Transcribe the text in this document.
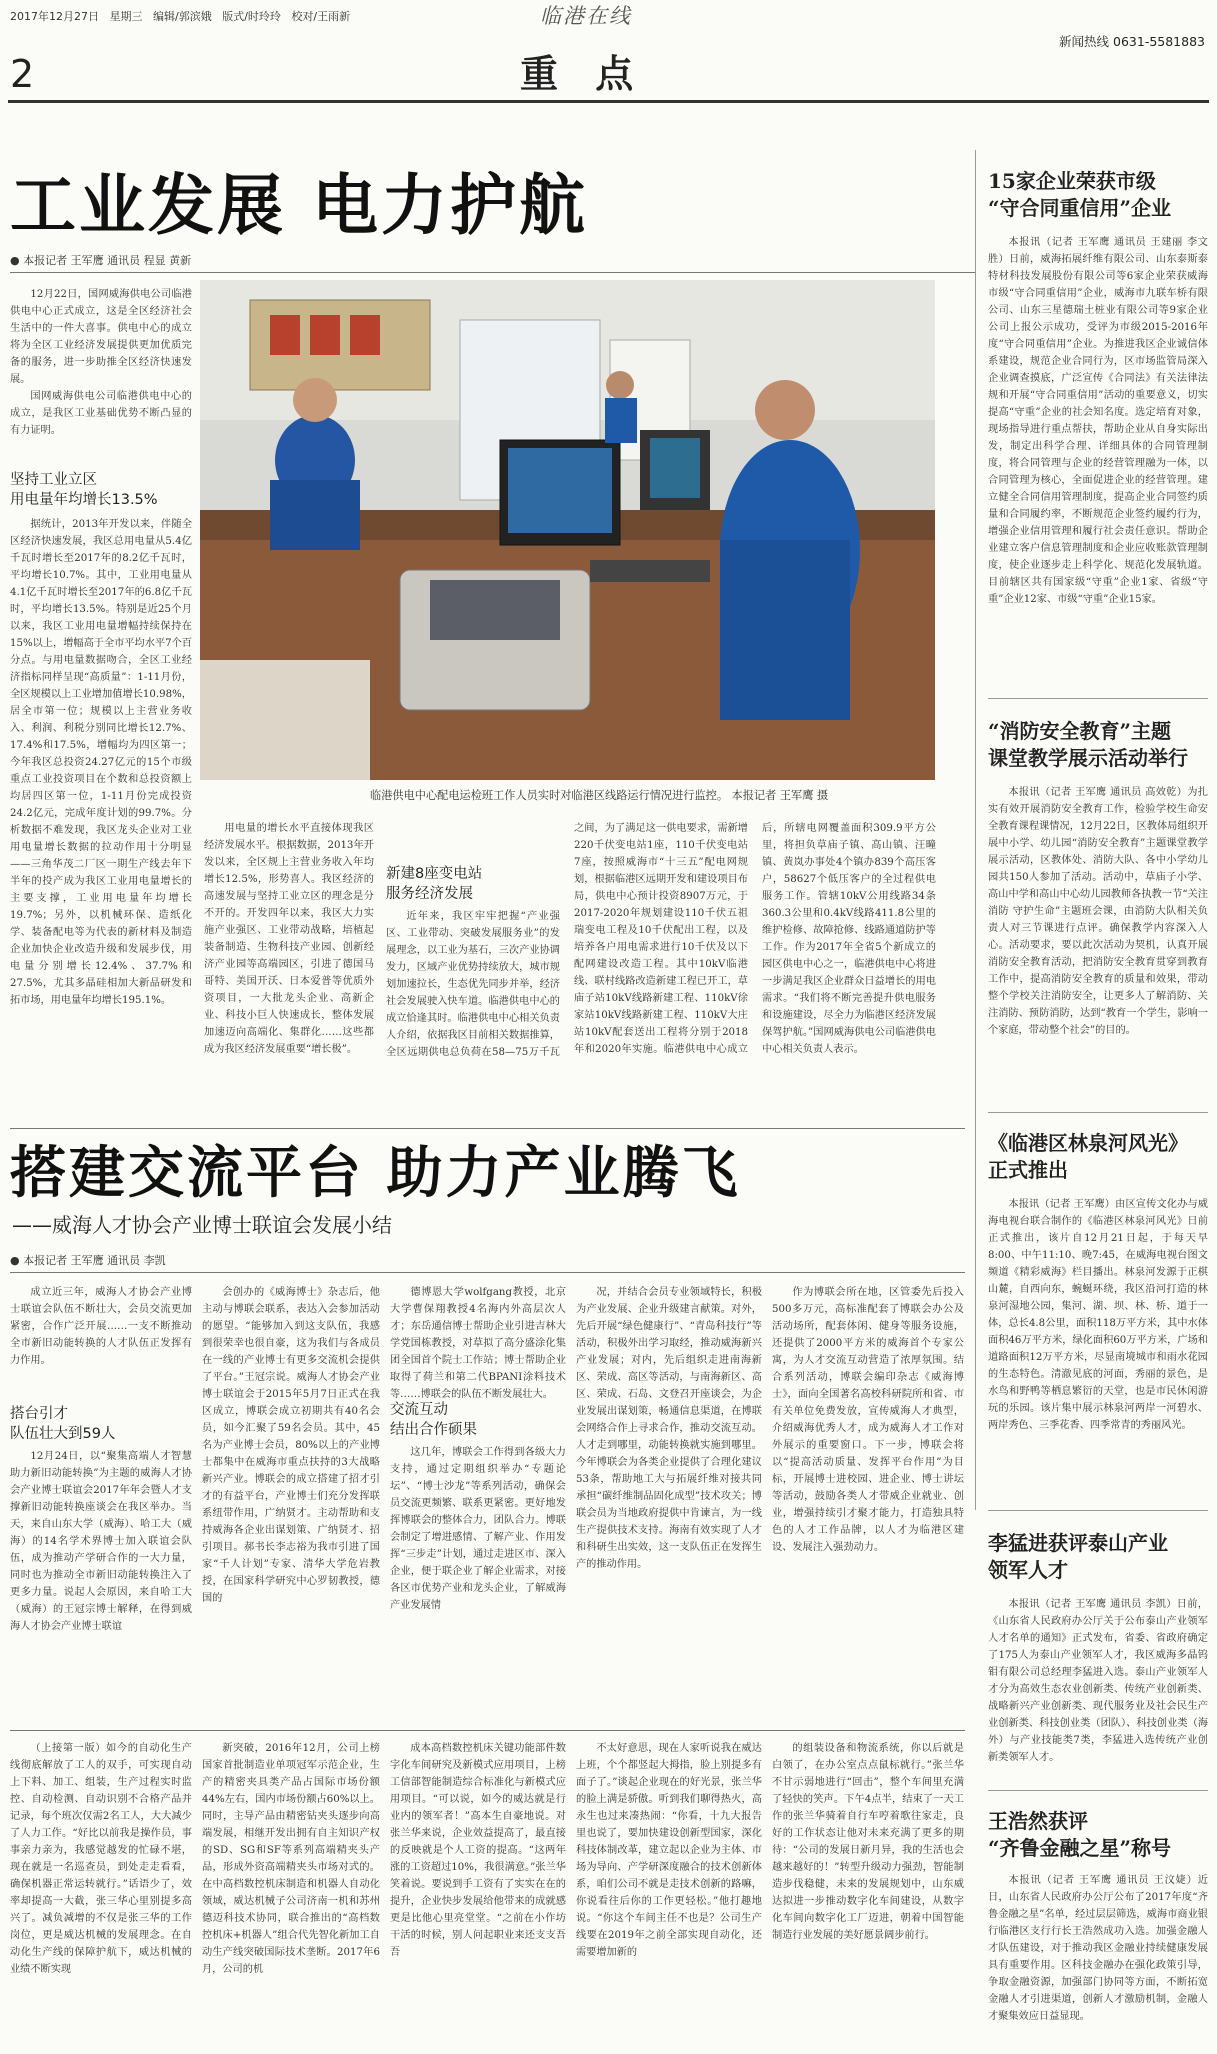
2017年12月27日 星期三 编辑/郭滨娥 版式/时玲玲 校对/王雨新	临港在线
新闻热线 0631-5581883
2	重 点
工业发展 电力护航
● 本报记者 王军鹰 通讯员 程显 黄新

12月22日，国网威海供电公司临港供电中心正式成立，这是全区经济社会生活中的一件大喜事。供电中心的成立将为全区工业经济发展提供更加优质完备的服务，进一步助推全区经济快速发展。

国网威海供电公司临港供电中心的成立，是我区工业基础优势不断凸显的有力证明。

坚持工业立区
用电量年均增长13.5%

据统计，2013年开发以来，伴随全区经济快速发展，我区总用电量从5.4亿千瓦时增长至2017年的8.2亿千瓦时，平均增长10.7%。其中，工业用电量从4.1亿千瓦时增长至2017年的6.8亿千瓦时，平均增长13.5%。特别是近25个月以来，我区工业用电量增幅持续保持在15%以上，增幅高于全市平均水平7个百分点。与用电量数据吻合，全区工业经济指标同样呈现“高质量”：1-11月份，全区规模以上工业增加值增长10.98%，居全市第一位；规模以上主营业务收入、利润、利税分别同比增长12.7%、17.4%和17.5%，增幅均为四区第一；今年我区总投资24.27亿元的15个市级重点工业投资项目在个数和总投资额上均居四区第一位，1-11月份完成投资24.2亿元，完成年度计划的99.7%。分析数据不难发现，我区龙头企业对工业用电量增长数据的拉动作用十分明显——三角华茂二厂区一期生产线去年下半年的投产成为我区工业用电量增长的主要支撑，工业用电量年均增长19.7%；另外，以机械环保、造纸化学、装备配电等为代表的新材料及制造企业加快企业改造升级和发展步伐，用电量分别增长12.4%、37.7%和27.5%，尤其多晶硅相加大新品研发和拓市场，用电量年均增长195.1%。

临港供电中心配电运检班工作人员实时对临港区线路运行情况进行监控。 本报记者 王军鹰 摄

用电量的增长水平直接体现我区经济发展水平。根据数据，2013年开发以来，全区规上主营业务收入年均增长12.5%，形势喜人。我区经济的高速发展与坚持工业立区的理念是分不开的。开发四年以来，我区大力实施产业强区、工业带动战略，培植起装备制造、生物科技产业园、创新经济产业园等高端园区，引进了德国马哥特、美国开沃、日本爱普等优质外资项目，一大批龙头企业、高新企业、科技小巨人快速成长，整体发展加速迈向高端化、集群化……这些都成为我区经济发展重要“增长极”。

新建8座变电站
服务经济发展

近年来，我区牢牢把握“产业强区、工业带动、突破发展服务业”的发展理念，以工业为基石，三次产业协调发力，区域产业优势持续放大，城市规划加速拉长，生态优先同步并举，经济社会发展驶入快车道。临港供电中心的成立恰逢其时。临港供电中心相关负责人介绍，依据我区目前相关数据推算，全区远期供电总负荷在58—75万千瓦之间，为了满足这一供电要求，需新增220千伏变电站1座，110千伏变电站7座，按照威海市“十三五”配电网规划，根据临港区远期开发和建设项目布局，供电中心预计投资8907万元，于2017-2020年规划建设110千伏五祖瑞变电工程及10千伏配出工程，以及培养各户用电需求进行10千伏及以下配网建设改造工程。其中10kV临港线、联村线路改造新建工程已开工，草庙子站10kV线路新建工程、110kV徐家站10kV线路新建工程、110kV大庄站10kV配套送出工程将分别于2018年和2020年实施。临港供电中心成立后，所辖电网覆盖面积309.9平方公里，将担负草庙子镇、高山镇、汪疃镇、黄岚办事处4个镇办839个高压客户，58627个低压客户的全过程供电服务工作。管辖10kV公用线路34条360.3公里和0.4kV线路411.8公里的维护检修、故障抢修、线路通道防护等工作。作为2017年全省5个新成立的园区供电中心之一，临港供电中心将进一步满足我区企业群众日益增长的用电需求。“我们将不断完善提升供电服务和设施建设，尽全力为临港区经济发展保驾护航。”国网威海供电公司临港供电中心相关负责人表示。

15家企业荣获市级
“守合同重信用”企业

本报讯（记者 王军鹰 通讯员 王建丽 李文胜）日前，威海拓展纤维有限公司、山东泰斯泰特材科技发展股份有限公司等6家企业荣获威海市级“守合同重信用”企业，威海市九联车桥有限公司、山东三星德瑞土桩业有限公司等9家企业公司上报公示成功，受评为市级2015-2016年度“守合同重信用”企业。为推进我区企业诚信体系建设，规范企业合同行为，区市场监管局深入企业调查摸底，广泛宣传《合同法》有关法律法规和开展“守合同重信用”活动的重要意义，切实提高“守重”企业的社会知名度。选定培育对象，现场指导进行重点帮扶，帮助企业从自身实际出发，制定出科学合理、详细具体的合同管理制度，将合同管理与企业的经营管理融为一体，以合同管理为核心，全面促进企业的经营管理。建立健全合同信用管理制度，提高企业合同签约质量和合同履约率，不断规范企业签约履约行为，增强企业信用管理和履行社会责任意识。帮助企业建立客户信息管理制度和企业应收账款管理制度，使企业逐步走上科学化、规范化发展轨道。目前辖区共有国家级“守重”企业1家、省级“守重”企业12家、市级“守重”企业15家。

“消防安全教育”主题
课堂教学展示活动举行

本报讯（记者 王军鹰 通讯员 高效乾）为扎实有效开展消防安全教育工作，检验学校生命安全教育课程课情况，12月22日，区教体局组织开展中小学、幼儿园“消防安全教育”主题课堂教学展示活动，区教体处、消防大队、各中小学幼儿园共150人参加了活动。活动中，草庙子小学、高山中学和高山中心幼儿园教师各执教一节“关注消防 守护生命”主题班会课，由消防大队相关负责人对三节课进行点评。确保教学内容深入人心。活动要求，要以此次活动为契机，认真开展消防安全教育活动，把消防安全教育贯穿到教育工作中，提高消防安全教育的质量和效果，带动整个学校关注消防安全，让更多人了解消防、关注消防、预防消防，达到“教育一个学生，影响一个家庭，带动整个社会”的目的。

《临港区林泉河风光》
正式推出

本报讯（记者 王军鹰）由区宣传文化办与威海电视台联合制作的《临港区林泉河风光》日前正式推出，该片自12月21日起，于每天早8:00、中午11:10、晚7:45，在威海电视台图文频道《精彩威海》栏目播出。林泉河发源于正棋山麓，自西向东，蜿蜒环绕，我区沿河打造的林泉河湿地公园，集河、湖、坝、林、桥、道于一体，总长4.8公里，面积118万平方米，其中水体面积46万平方米，绿化面积60万平方米，广场和道路面积12万平方米，尽显南境城市和雨水花园的生态特色。清澈见底的河面，秀丽的景色，是水鸟和野鸭等栖息繁衍的天堂，也是市民休闲游玩的乐园。该片集中展示林泉河两岸一河碧水、两岸秀色、三季花香、四季常青的秀丽风光。

李猛进获评泰山产业
领军人才

本报讯（记者 王军鹰 通讯员 李凯）日前，《山东省人民政府办公厅关于公布泰山产业领军人才名单的通知》正式发布，省委、省政府确定了175人为泰山产业领军人才，我区威海多晶钨钼有限公司总经理李猛进入选。泰山产业领军人才分为高效生态农业创新类、传统产业创新类、战略新兴产业创新类、现代服务业及社会民生产业创新类、科技创业类（团队）、科技创业类（海外）与产业技能类7类，李猛进入选传统产业创新类领军人才。

王浩然获评
“齐鲁金融之星”称号

本报讯（记者 王军鹰 通讯员 王汶婕）近日，山东省人民政府办公厅公布了2017年度“齐鲁金融之星”名单，经过层层筛选，威海市商业银行临港区支行行长王浩然成功入选。加强金融人才队伍建设，对于推动我区金融业持续健康发展具有重要作用。区科技金融办在强化政策引导，争取金融资源，加强部门协同等方面，不断拓宽金融人才引进渠道，创新人才激励机制，金融人才聚集效应日益显现。

搭建交流平台 助力产业腾飞
——威海人才协会产业博士联谊会发展小结
● 本报记者 王军鹰 通讯员 李凯

成立近三年，威海人才协会产业博士联谊会队伍不断壮大，会员交流更加紧密，合作广泛开展……一支不断推动全市新旧动能转换的人才队伍正发挥有力作用。

搭台引才
队伍壮大到59人

12月24日，以“聚集高端人才智慧 助力新旧动能转换”为主题的威海人才协会产业博士联谊会2017年年会暨人才支撑新旧动能转换座谈会在我区举办。当天，来自山东大学（威海）、哈工大（威海）的14名学术界博士加入联谊会队伍，成为推动产学研合作的一大力量，同时也为推动全市新旧动能转换注入了更多力量。说起人会原因，来自哈工大（威海）的王冠宗博士解释，在得到威海人才协会产业博士联谊

会创办的《威海博士》杂志后，他主动与博联会联系，表达入会参加活动的愿望。“能够加入到这支队伍，我感到很荣幸也很自豪，这为我们与各成员在一线的产业博士有更多交流机会提供了平台。”王冠宗说。威海人才协会产业博士联谊会于2015年5月7日正式在我区成立，博联会成立初期共有40名会员，如今汇聚了59名会员。其中，45名为产业博士会员，80%以上的产业博士都集中在威海市重点扶持的3大战略新兴产业。博联会的成立搭建了招才引才的有益平台，产业博士们充分发挥联系纽带作用，广纳贤才。主动帮助和支持威海各企业出谋划策、广纳贤才、招引项目。郝书长李志裕为我市引进了国家“千人计划”专家、清华大学危岩教授，在国家科学研究中心罗韧教授，德国的

德博恩大学wolfgang教授，北京大学曹保翔教授4名海内外高层次人才；东岳通信博士帮助企业引进吉林大学党国栋教授，对草拟了高分盛涂化集团全国首个院士工作站；博士帮助企业取得了荷兰和第二代BPANI涂料技术等……博联会的队伍不断发展壮大。

交流互动
结出合作硕果

这几年，博联会工作得到各级大力支持，通过定期组织举办“专题论坛”、“博士沙龙”等系列活动，确保会员交流更频繁、联系更紧密。更好地发挥博联会的整体合力，团队合力。博联会制定了增进感情、了解产业、作用发挥“三步走”计划，通过走进区市、深入企业，便于联企业了解企业需求，对接各区市优势产业和龙头企业，了解威海产业发展情

况，并结合会员专业领域特长，积极为产业发展、企业升级建言献策。对外，先后开展“绿色健康行”、“青岛科技行”等活动，积极外出学习取经，推动威海新兴产业发展；对内，先后组织走进南海新区、荣成、高区等活动，与南海新区、高区、荣成、石岛、文登召开座谈会，为企业发展出谋划策，畅通信息渠道，在博联会网络合作上寻求合作，推动交流互动。人才走到哪里，动能转换就实施到哪里。今年博联会为各类企业提供了合理化建议53条，帮助地工大与拓展纤维对接共同承担“碳纤维制品固化成型”技术攻关；博联会员为当地政府提供中肯谏言，为一线生产提供技术支持。海南有效实现了人才和科研生出实效，这一支队伍正在发挥生产的推动作用。

作为博联会所在地，区管委先后投入500多万元，高标准配套了博联会办公及活动场所，配套体闲、健身等服务设施，还提供了2000平方米的威海首个专家公寓，为人才交流互动营造了浓厚氛围。结合系列活动，博联会编印杂志《威海博士》，面向全国著名高校科研院所和省、市有关单位免费发放，宣传威海人才典型，介绍威海优秀人才，成为威海人才工作对外展示的重要窗口。下一步，博联会将以“提高活动质量、发挥平台作用”为目标，开展博士进校园、进企业、博士讲坛等活动，鼓励各类人才带威企业就业、创业，增强持续引才聚才能力，打造独具特色的人才工作品牌，以人才为临港区建设、发展注入强劲动力。

（上接第一版）如今的自动化生产线彻底解放了工人的双手，可实现自动上下料、加工、组装，生产过程实时监控、自动检测、自动识别不合格产品并记录，每个班次仅需2名工人，大大减少了人力工作。“好比以前我是操作员，事事亲力亲为，我感觉越发的忙碌不堪，现在就是一名巡查员，到处走走看看，确保机器正常运转就行。”话语少了，效率却提高一大截，张三华心里别提多高兴了。减负减增的不仅是张三华的工作岗位，更是威达机械的发展理念。在自动化生产线的保障护航下，威达机械的业绩不断实现

新突破，2016年12月，公司上榜国家首批制造业单项冠军示范企业，生产的精密夹具类产品占国际市场份额44%左右，国内市场份额占60%以上。同时，主导产品由精密钻夹头逐步向高端发展，相继开发出拥有自主知识产权的SD、SG和SF等系列高端精夹头产品，形成外资高端精夹头市场对式的。在中高档数控机床制造和机器人自动化领域，威达机械子公司济南一机和苏州德迈科技术协同，联合推出的“高档数控机床+机器人”组合代先智化新加工自动生产线突破国际技术垄断。2017年6月，公司的机

成本高档数控机床关键功能部件数字化车间研究及新模式应用项目，上榜工信部智能制造综合标准化与新模式应用项目。“可以说，如今的威达就是行业内的领军者！”高本生自豪地说。对张兰华来说，企业效益提高了，最直接的反映就是个人工资的提高。“这两年涨的工资超过10%，我很满意。”张兰华笑着说。要说到手工资有了实实在在的提升，企业快步发展给他带来的成就感更是比他心里亮堂堂。“之前在小作坊干活的时候，别人问起职业来还支支吾吾

不太好意思，现在人家听说我在威达上班，个个都竖起大拇指，脸上别提多有面子了。”谈起企业现在的好光景，张兰华的脸上满是骄傲。听到我们聊得热火，高永生也过来凑热闹：“你看，十九大报告里也说了，要加快建设创新型国家，深化科技体制改革，建立起以企业为主体、市场为导向、产学研深度融合的技术创新体系，咱们公司不就是走技术创新的路嘛，你说看往后你的工作更轻松。”他打趣地说。“你这个车间主任不也是？公司生产线要在2019年之前全部实现自动化，还需要增加新的

的组装设备和物流系统，你以后就是白领了，在办公室点点鼠标就行。”张兰华不甘示弱地进行“回击”，整个车间里充满了轻快的笑声。下午4点半，结束了一天工作的张兰华骑着自行车哼着歌往家走，良好的工作状态让他对未来充满了更多的期待：“公司的发展日新月异，我的生活也会越来越好的！”转型升级动力强劲，智能制造步伐稳健，未来的发展规划中，山东威达拟进一步推动数字化车间建设，从数字化车间向数字化工厂迈进，朝着中国智能制造行业发展的美好愿景阔步前行。
